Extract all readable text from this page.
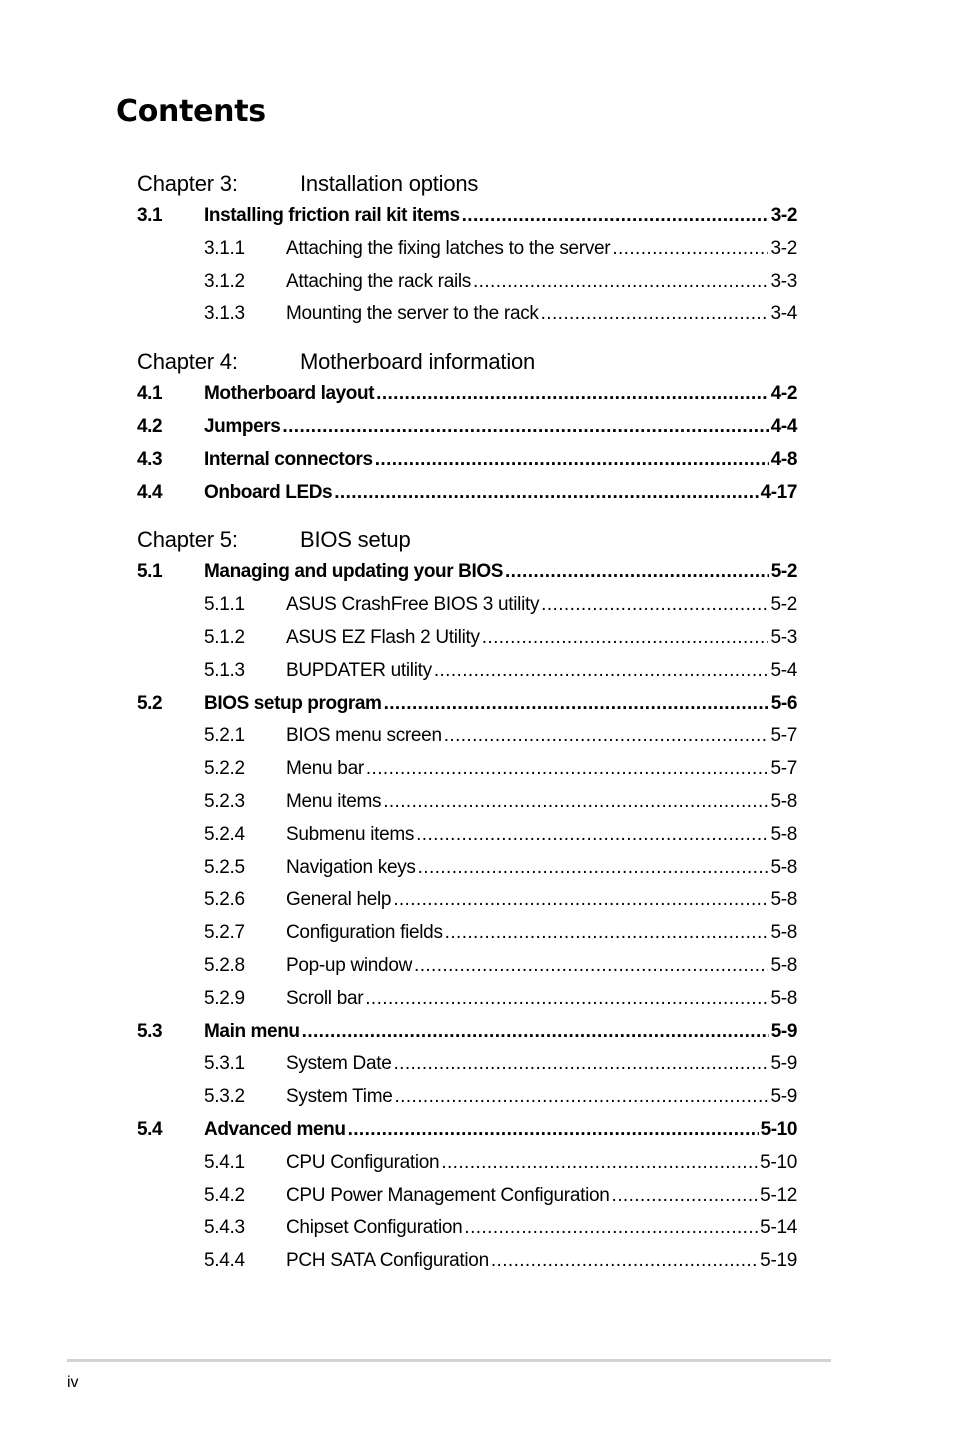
Contents
Chapter 3:	Installation options
3.1	Installing friction rail kit items .....	3-2
3.1.1	Attaching the fixing latches to the server .....	3-2
3.1.2	Attaching the rack rails .....	3-3
3.1.3	Mounting the server to the rack .....	3-4
Chapter 4:	Motherboard information
4.1	Motherboard layout .....	4-2
4.2	Jumpers .....	4-4
4.3	Internal connectors .....	4-8
4.4	Onboard LEDs .....	4-17
Chapter 5:	BIOS setup
5.1	Managing and updating your BIOS .....	5-2
5.1.1	ASUS CrashFree BIOS 3 utility .....	5-2
5.1.2	ASUS EZ Flash 2 Utility .....	5-3
5.1.3	BUPDATER utility .....	5-4
5.2	BIOS setup program .....	5-6
5.2.1	BIOS menu screen .....	5-7
5.2.2	Menu bar .....	5-7
5.2.3	Menu items .....	5-8
5.2.4	Submenu items .....	5-8
5.2.5	Navigation keys .....	5-8
5.2.6	General help .....	5-8
5.2.7	Configuration fields .....	5-8
5.2.8	Pop-up window .....	5-8
5.2.9	Scroll bar .....	5-8
5.3	Main menu .....	5-9
5.3.1	System Date .....	5-9
5.3.2	System Time .....	5-9
5.4	Advanced menu .....	5-10
5.4.1	CPU Configuration .....	5-10
5.4.2	CPU Power Management Configuration .....	5-12
5.4.3	Chipset Configuration .....	5-14
5.4.4	PCH SATA Configuration .....	5-19
iv
